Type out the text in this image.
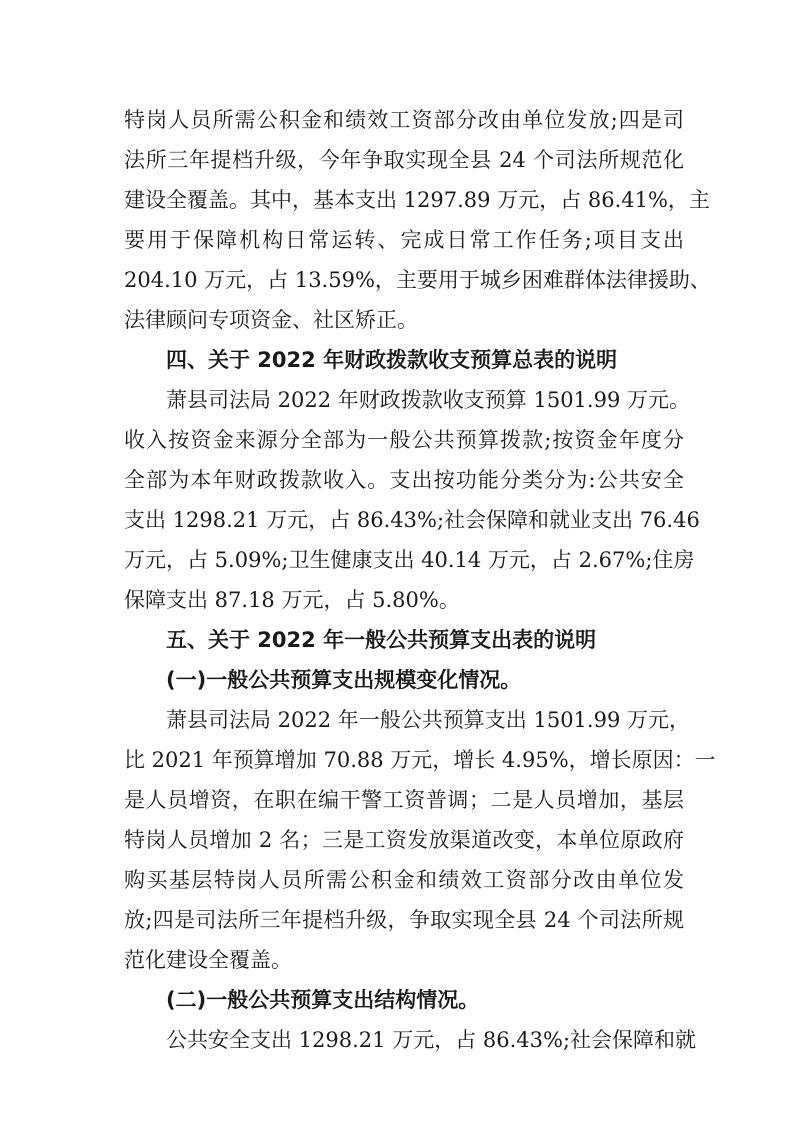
特岗人员所需公积金和绩效工资部分改由单位发放;四是司
法所三年提档升级，今年争取实现全县 24 个司法所规范化
建设全覆盖。其中，基本支出 1297.89 万元，占 86.41%，主
要用于保障机构日常运转、完成日常工作任务;项目支出
204.10 万元，占 13.59%，主要用于城乡困难群体法律援助、
法律顾问专项资金、社区矫正。
四、关于 2022 年财政拨款收支预算总表的说明
萧县司法局 2022 年财政拨款收支预算 1501.99 万元。
收入按资金来源分全部为一般公共预算拨款;按资金年度分
全部为本年财政拨款收入。支出按功能分类分为:公共安全
支出 1298.21 万元，占 86.43%;社会保障和就业支出 76.46
万元，占 5.09%;卫生健康支出 40.14 万元，占 2.67%;住房
保障支出 87.18 万元，占 5.80%。
五、关于 2022 年一般公共预算支出表的说明
(一)一般公共预算支出规模变化情况。
萧县司法局 2022 年一般公共预算支出 1501.99 万元，
比 2021 年预算增加 70.88 万元，增长 4.95%，增长原因：一
是人员增资，在职在编干警工资普调；二是人员增加，基层
特岗人员增加 2 名；三是工资发放渠道改变，本单位原政府
购买基层特岗人员所需公积金和绩效工资部分改由单位发
放;四是司法所三年提档升级，争取实现全县 24 个司法所规
范化建设全覆盖。
(二)一般公共预算支出结构情况。
公共安全支出 1298.21 万元，占 86.43%;社会保障和就
